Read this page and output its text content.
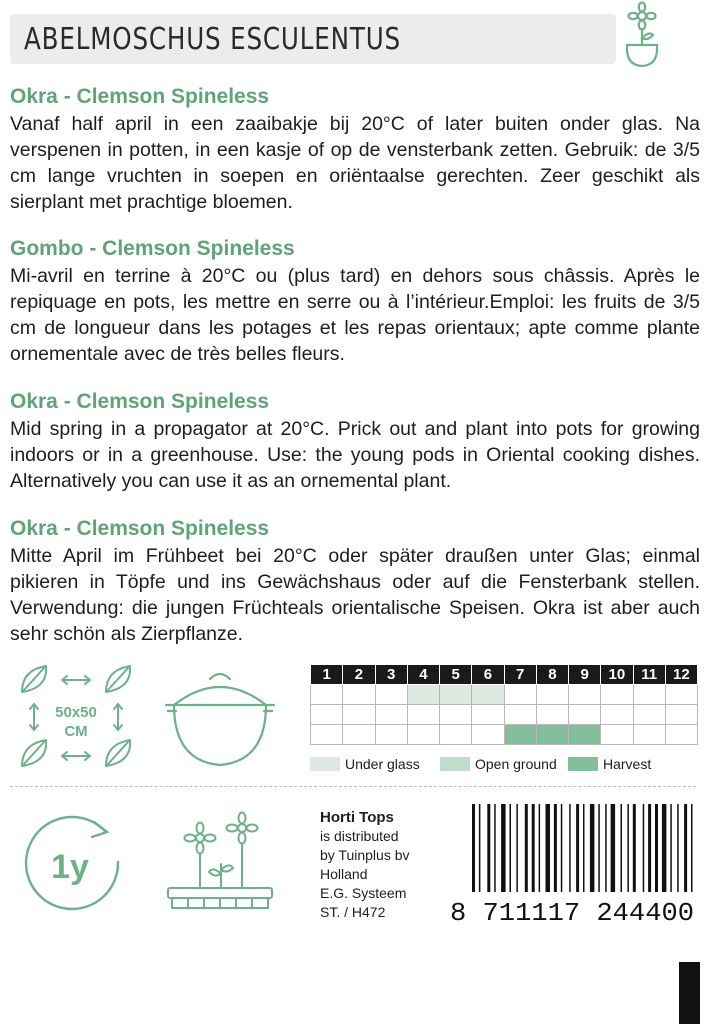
ABELMOSCHUS ESCULENTUS
Okra - Clemson Spineless

Vanaf half april in een zaaibakje bij 20°C of later buiten onder glas. Na verspenen in potten, in een kasje of op de vensterbank zetten. Gebruik: de 3/5 cm lange vruchten in soepen en oriëntaalse gerechten. Zeer geschikt als sierplant met prachtige bloemen.

Gombo - Clemson Spineless

Mi-avril en terrine à 20°C ou (plus tard) en dehors sous châssis. Après le repiquage en pots, les mettre en serre ou à l’intérieur.Emploi: les fruits de 3/5 cm de longueur dans les potages et les repas orientaux; apte comme plante ornementale avec de très belles fleurs.

Okra - Clemson Spineless

Mid spring in a propagator at 20°C. Prick out and plant into pots for growing indoors or in a greenhouse. Use: the young pods in Oriental cooking dishes. Alternatively you can use it as an ornemental plant.

Okra - Clemson Spineless

Mitte April im Frühbeet bei 20°C oder später draußen unter Glas; einmal pikieren in Töpfe und ins Gewächshaus oder auf die Fensterbank stellen. Verwendung: die jungen Früchteals orientalische Speisen. Okra ist aber auch sehr schön als Zierpflanze.

50x50
CM
1	2	3	4	5	6	7	8	9	10	11	12

Under glass	Open ground	Harvest
1y
Horti Tops
is distributed
by Tuinplus bv
Holland
E.G. Systeem
ST. / H472	8 711117 244400
